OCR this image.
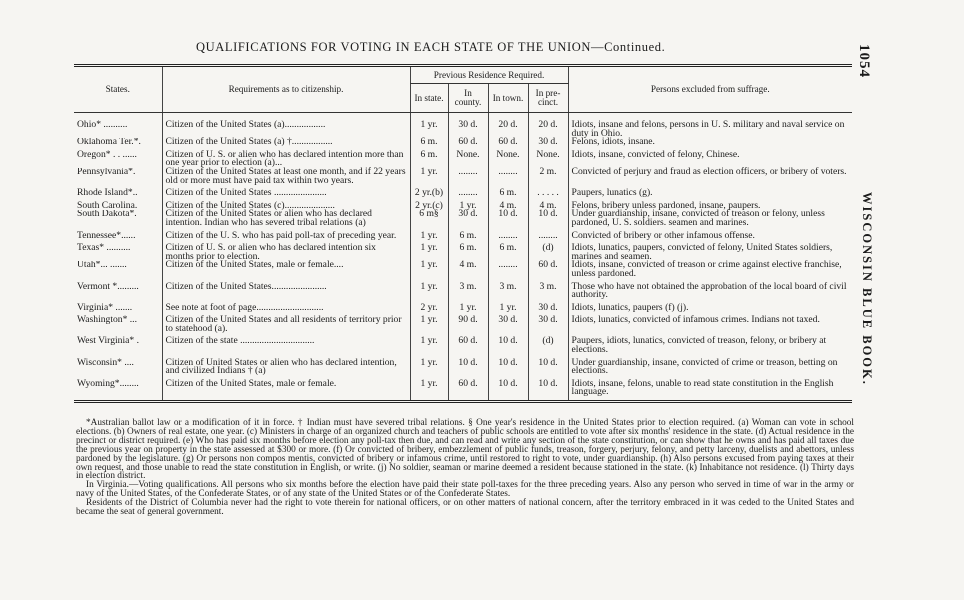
QUALIFICATIONS FOR VOTING IN EACH STATE OF THE UNION—Continued.	1054
WISCONSIN BLUE BOOK.
States.	Requirements as to citizenship.	Previous Residence Required.				Persons excluded from suffrage.
		In state.	In county.	In town.	In pre-cinct.	
Ohio* ..........	Citizen of the United States (a).................	1 yr.	30 d.	20 d.	20 d.	Idiots, insane and felons, persons in U. S. military and naval service on duty in Ohio.
Oklahoma Ter.*.	Citizen of the United States (a) †.................	6 m.	60 d.	60 d.	30 d.	Felons, idiots, insane.
Oregon* . . ......	Citizen of U. S. or alien who has declared intention more than one year prior to election (a)...	6 m.	None.	None.	None.	Idiots, insane, convicted of felony, Chinese.
Pennsylvania*.	Citizen of the United States at least one month, and if 22 years old or more must have paid tax within two years.	1 yr.	........	........	2 m.	Convicted of perjury and fraud as election officers, or bribery of voters.
Rhode Island*..	Citizen of the United States ......................	2 yr.(b)	........	6 m.	. . . . .	Paupers, lunatics (g).
South Carolina.	Citizen of the United States (c).....................	2 yr.(c)	1 yr.	4 m.	4 m.	Felons, bribery unless pardoned, insane, paupers.
South Dakota*.	Citizen of the United States or alien who has declared intention. Indian who has severed tribal relations (a)	6 m§	30 d.	10 d.	10 d.	Under guardianship, insane, convicted of treason or felony, unless pardoned, U. S. soldiers. seamen and marines.
Tennessee*......	Citizen of the U. S. who has paid poll-tax of preceding year.	1 yr.	6 m.	........	........	Convicted of bribery or other infamous offense.
Texas* ..........	Citizen of U. S. or alien who has declared intention six months prior to election.	1 yr.	6 m.	6 m.	(d)	Idiots, lunatics, paupers, convicted of felony, United States soldiers, marines and seamen.
Utah*... .......	Citizen of the United States, male or female....	1 yr.	4 m.	........	60 d.	Idiots, insane, convicted of treason or crime against elective franchise, unless pardoned.
Vermont *.........	Citizen of the United States.......................	1 yr.	3 m.	3 m.	3 m.	Those who have not obtained the approbation of the local board of civil authority.
Virginia* .......	See note at foot of page............................	2 yr.	1 yr.	1 yr.	30 d.	Idiots, lunatics, paupers (f) (j).
Washington* ...	Citizen of the United States and all residents of territory prior to statehood (a).	1 yr.	90 d.	30 d.	30 d.	Idiots, lunatics, convicted of infamous crimes. Indians not taxed.
West Virginia* .	Citizen of the state ...............................	1 yr.	60 d.	10 d.	(d)	Paupers, idiots, lunatics, convicted of treason, felony, or bribery at elections.
Wisconsin* ....	Citizen of United States or alien who has declared intention, and civilized Indians † (a)	1 yr.	10 d.	10 d.	10 d.	Under guardianship, insane, convicted of crime or treason, betting on elections.
Wyoming*........	Citizen of the United States, male or female.	1 yr.	60 d.	10 d.	10 d.	Idiots, insane, felons, unable to read state constitution in the English language.

*Australian ballot law or a modification of it in force. † Indian must have severed tribal relations. § One year's residence in the United States prior to election required. (a) Woman can vote in school elections. (b) Owners of real estate, one year. (c) Ministers in charge of an organized church and teachers of public schools are entitled to vote after six months' residence in the state. (d) Actual residence in the precinct or district required. (e) Who has paid six months before election any poll-tax then due, and can read and write any section of the state constitution, or can show that he owns and has paid all taxes due the previous year on property in the state assessed at $300 or more. (f) Or convicted of bribery, embezzlement of public funds, treason, forgery, perjury, felony, and petty larceny, duelists and abettors, unless pardoned by the legislature. (g) Or persons non compos mentis, convicted of bribery or infamous crime, until restored to right to vote, under guardianship. (h) Also persons excused from paying taxes at their own request, and those unable to read the state constitution in English, or write. (j) No soldier, seaman or marine deemed a resident because stationed in the state. (k) Inhabitance not residence. (l) Thirty days in election district.

In Virginia.—Voting qualifications. All persons who six months before the election have paid their state poll-taxes for the three preceding years. Also any person who served in time of war in the army or navy of the United States, of the Confederate States, or of any state of the United States or of the Confederate States.

Residents of the District of Columbia never had the right to vote therein for national officers, or on other matters of national concern, after the territory embraced in it was ceded to the United States and became the seat of general government.
